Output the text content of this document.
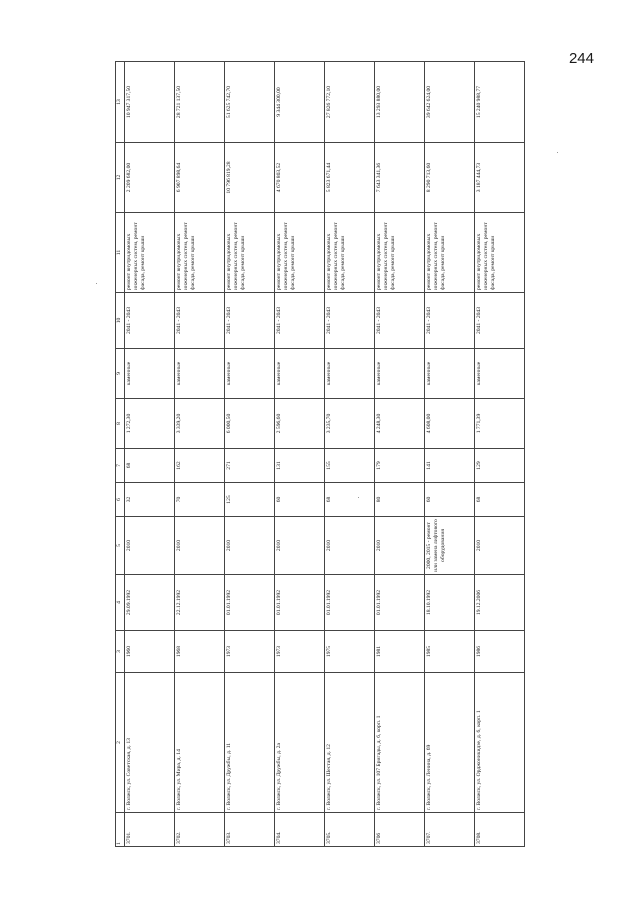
244
1	2	3	4	5	6	7	8	9	10	11	12	13
3701.	г. Волжск, ул. Советская, д. 13	1960	29.09.1992	2010	32	68	1 272,30	каменные	2041 - 2043	ремонт внутридомовых инженерных систем, ремонт фасада, ремонт крыши	2 209 682,00	10 947 317,50
3702.	г. Волжск, ул. Мира, д. 14	1968	22.12.1992	2010	70	162	3 339,20	каменные	2041 - 2043	ремонт внутридомовых инженерных систем, ремонт фасада, ремонт крыши	6 907 898,64	28 721 137,50
3703.	г. Волжск, ул. Дружбы, д. 11	1973	01.01.1992	2010	125	271	6 000,50	каменные	2041 - 2043	ремонт внутридомовых инженерных систем, ремонт фасада, ремонт крыши	10 796 819,28	51 625 742,70
3704.	г. Волжск, ул. Дружбы, д. 2а	1973	01.01.1992	2010	60	131	2 596,60	каменные	2041 - 2043	ремонт внутридомовых инженерных систем, ремонт фасада, ремонт крыши	4 670 803,52	9 344 300,00
3705.	г. Волжск, ул. Шестая, д. 12	1975	01.01.1992	2010	68	155	3 235,70	каменные	2041 - 2043	ремонт внутридомовых инженерных систем, ремонт фасада, ремонт крыши	5 823 671,44	27 826 772,10
3706	г. Волжск, ул. 107 Бригады, д. 6, корп. 1	1981	01.01.1992	2010	80	179	4 248,30	каменные	2041 - 2043	ремонт внутридомовых инженерных систем, ремонт фасада, ремонт крыши	7 643 341,36	13 293 880,00
3707.	г. Волжск, ул. Ленина, д. 69	1985	18.10.1992	2000, 2015 - ремонт или замена лифтового оборудования	60	141	4 608,00	каменные	2041 - 2043	ремонт внутридомовых инженерных систем, ремонт фасада, ремонт крыши	8 290 713,60	39 642 624,00
3708.	г. Волжск, ул. Орджоникидзе, д. 6, корп. 1	1986	19.12.2006	2010	68	129	1 771,39	каменные	2041 - 2043	ремонт внутридомовых инженерных систем, ремонт фасада, ремонт крыши	3 187 444,73	15 240 988,77
